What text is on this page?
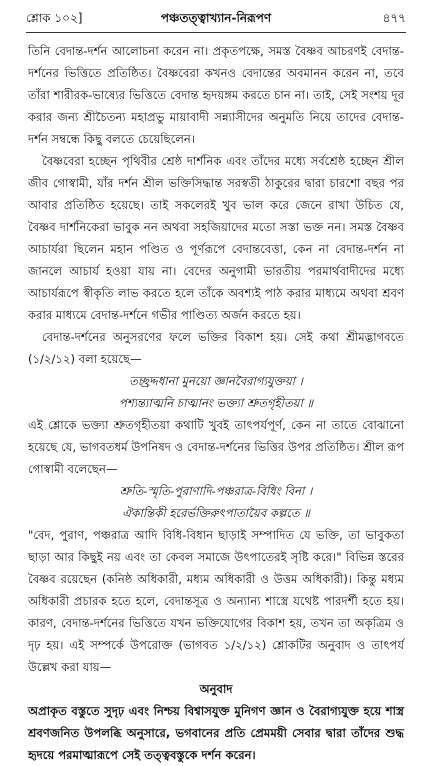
শ্লোক ১০২]	পঞ্চতত্ত্বাখ্যান-নিরূপণ	৪৭৭

তিনি বেদান্ত-দর্শন আলোচনা করেন না। প্রকৃতপক্ষে, সমস্ত বৈষ্ণব আচরণই বেদান্ত-দর্শনের ভিত্তিতে প্রতিষ্ঠিত। বৈষ্ণবেরা কখনও বেদান্তের অবমানন করেন না, তবে তাঁরা শারীরক-ভাষ্যের ভিত্তিতে বেদান্ত হৃদয়ঙ্গম করতে চান না। তাই, সেই সংশয় দূর করার জন্য শ্রীচৈতন্য মহাপ্রভু মায়াবাদী সন্ন্যাসীদের অনুমতি নিয়ে তাদের বেদান্ত-দর্শন সম্বন্ধে কিছু বলতে চেয়েছিলেন।

বৈষ্ণবেরা হচ্ছেন পৃথিবীর শ্রেষ্ঠ দার্শনিক এবং তাঁদের মধ্যে সর্বশ্রেষ্ঠ হচ্ছেন শ্রীল জীব গোস্বামী, যাঁর দর্শন শ্রীল ভক্তিসিদ্ধান্ত সরস্বতী ঠাকুরের দ্বারা চারশো বছর পর আবার প্রতিষ্ঠিত হয়েছে। তাই সকলেরই খুব ভাল করে জেনে রাখা উচিত যে, বৈষ্ণব দার্শনিকেরা ভাবুক নন অথবা সহজিয়াদের মতো সস্তা ভক্ত নন। সমস্ত বৈষ্ণব আচার্যরা ছিলেন মহান পণ্ডিত ও পূর্ণরূপে বেদান্তবেত্তা, কেন না বেদান্ত-দর্শন না জানলে আচার্য হওয়া যায় না। বেদের অনুগামী ভারতীয় পরমার্থবাদীদের মধ্যে আচার্যরূপে স্বীকৃতি লাভ করতে হলে তাঁকে অবশ্যই পাঠ করার মাধ্যমে অথবা শ্রবণ করার মাধ্যমে বেদান্ত-দর্শনে গভীর পাণ্ডিত্য অর্জন করতে হয়।

বেদান্ত-দর্শনের অনুসরণের ফলে ভক্তির বিকাশ হয়। সেই কথা শ্রীমদ্ভাগবতে (১/২/১২) বলা হয়েছে—

তচ্ছ্রদ্দধানা মুনয়ো জ্ঞানবৈরাগ্যযুক্তয়া ।

পশ্যন্ত্যাত্মনি চাত্মানং ভক্ত্যা শ্রুতগৃহীতয়া ॥

এই শ্লোকে ভক্ত্যা শ্রুতগৃহীতয়া কথাটি খুবই তাৎপর্যপূর্ণ, কেন না তাতে বোঝানো হয়েছে যে, ভাগবতধর্ম উপনিষদ ও বেদান্ত-দর্শনের ভিত্তির উপর প্রতিষ্ঠিত। শ্রীল রূপ গোস্বামী বলেছেন—

শ্রুতি-স্মৃতি-পুরাণাদি-পঞ্চরাত্র-বিধিং বিনা ।

ঐকান্তিকী হরের্ভক্তিরুৎপাতায়ৈব কল্পতে ॥

"বেদ, পুরাণ, পঞ্চরাত্র আদি বিধি-বিধান ছাড়াই সম্পাদিত যে ভক্তি, তা ভাবুকতা ছাড়া আর কিছুই নয় এবং তা কেবল সমাজে উৎপাতেরই সৃষ্টি করে।" বিভিন্ন স্তরের বৈষ্ণব রয়েছেন (কনিষ্ঠ অধিকারী, মধ্যম অধিকারী ও উত্তম অধিকারী)। কিন্তু মধ্যম অধিকারী প্রচারক হতে হলে, বেদান্তসূত্র ও অন্যান্য শাস্ত্রে যথেষ্ট পারদর্শী হতে হয়। কারণ, বেদান্ত-দর্শনের ভিত্তিতে যখন ভক্তিযোগের বিকাশ হয়, তখন তা অকৃত্রিম ও দৃঢ় হয়। এই সম্পর্কে উপরোক্ত (ভাগবত ১/২/১২) শ্লোকটির অনুবাদ ও তাৎপর্য উল্লেখ করা যায়—

অনুবাদ

অপ্রাকৃত বস্তুতে সুদৃঢ় এবং নিশ্চয় বিশ্বাসযুক্ত মুনিগণ জ্ঞান ও বৈরাগ্যযুক্ত হয়ে শাস্ত্র শ্রবণজনিত উপলব্ধি অনুসারে, ভগবানের প্রতি প্রেমময়ী সেবার দ্বারা তাঁদের শুদ্ধ হৃদয়ে পরমাত্মারূপে সেই তত্ত্ববস্তুকে দর্শন করেন।
